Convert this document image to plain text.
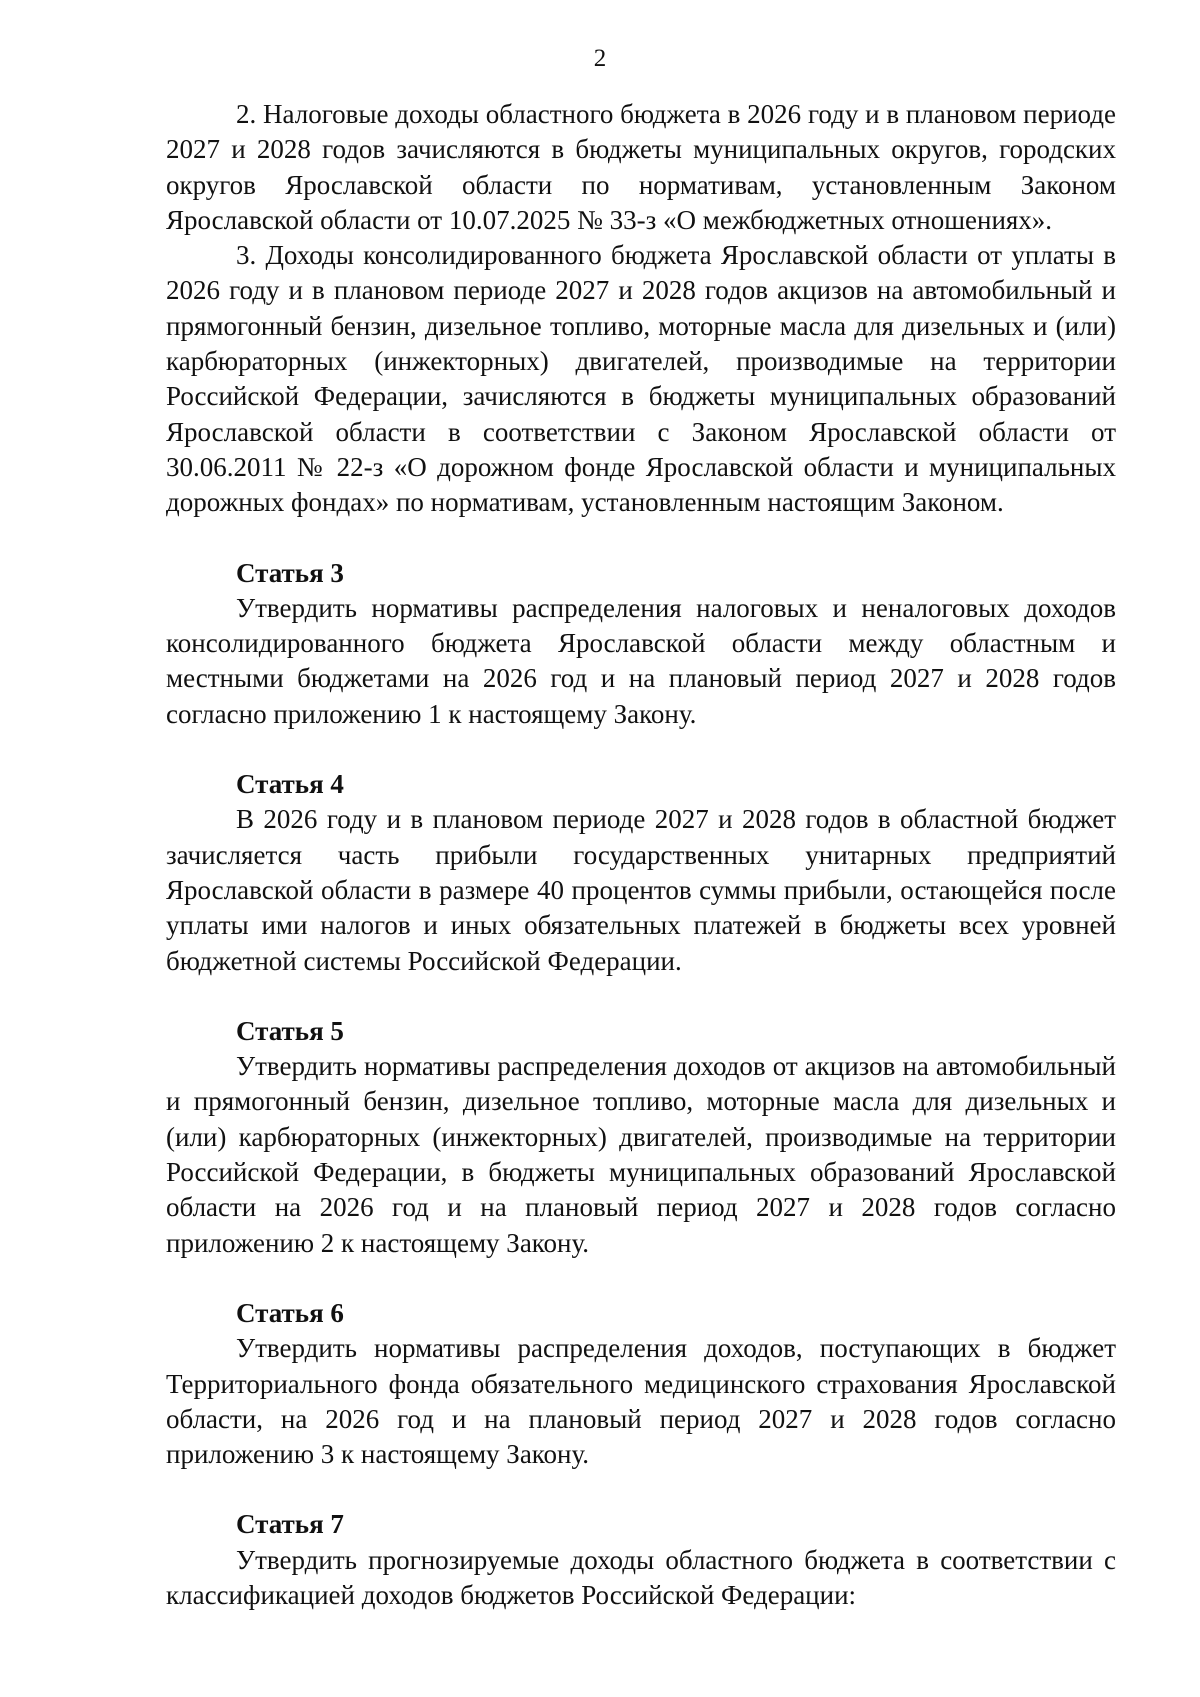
2

2. Налоговые доходы областного бюджета в 2026 году и в плановом периоде 2027 и 2028 годов зачисляются в бюджеты муниципальных округов, городских округов Ярославской области по нормативам, установленным Законом Ярославской области от 10.07.2025 № 33-з «О межбюджетных отношениях».

3. Доходы консолидированного бюджета Ярославской области от уплаты в 2026 году и в плановом периоде 2027 и 2028 годов акцизов на автомобильный и прямогонный бензин, дизельное топливо, моторные масла для дизельных и (или) карбюраторных (инжекторных) двигателей, производимые на территории Российской Федерации, зачисляются в бюджеты муниципальных образований Ярославской области в соответствии с Законом Ярославской области от 30.06.2011 № 22-з «О дорожном фонде Ярославской области и муниципальных дорожных фондах» по нормативам, установленным настоящим Законом.

Статья 3

Утвердить нормативы распределения налоговых и неналоговых доходов консолидированного бюджета Ярославской области между областным и местными бюджетами на 2026 год и на плановый период 2027 и 2028 годов согласно приложению 1 к настоящему Закону.

Статья 4

В 2026 году и в плановом периоде 2027 и 2028 годов в областной бюджет зачисляется часть прибыли государственных унитарных предприятий Ярославской области в размере 40 процентов суммы прибыли, остающейся после уплаты ими налогов и иных обязательных платежей в бюджеты всех уровней бюджетной системы Российской Федерации.

Статья 5

Утвердить нормативы распределения доходов от акцизов на автомобильный и прямогонный бензин, дизельное топливо, моторные масла для дизельных и (или) карбюраторных (инжекторных) двигателей, производимые на территории Российской Федерации, в бюджеты муниципальных образований Ярославской области на 2026 год и на плановый период 2027 и 2028 годов согласно приложению 2 к настоящему Закону.

Статья 6

Утвердить нормативы распределения доходов, поступающих в бюджет Территориального фонда обязательного медицинского страхования Ярославской области, на 2026 год и на плановый период 2027 и 2028 годов согласно приложению 3 к настоящему Закону.

Статья 7

Утвердить прогнозируемые доходы областного бюджета в соответствии с классификацией доходов бюджетов Российской Федерации:
